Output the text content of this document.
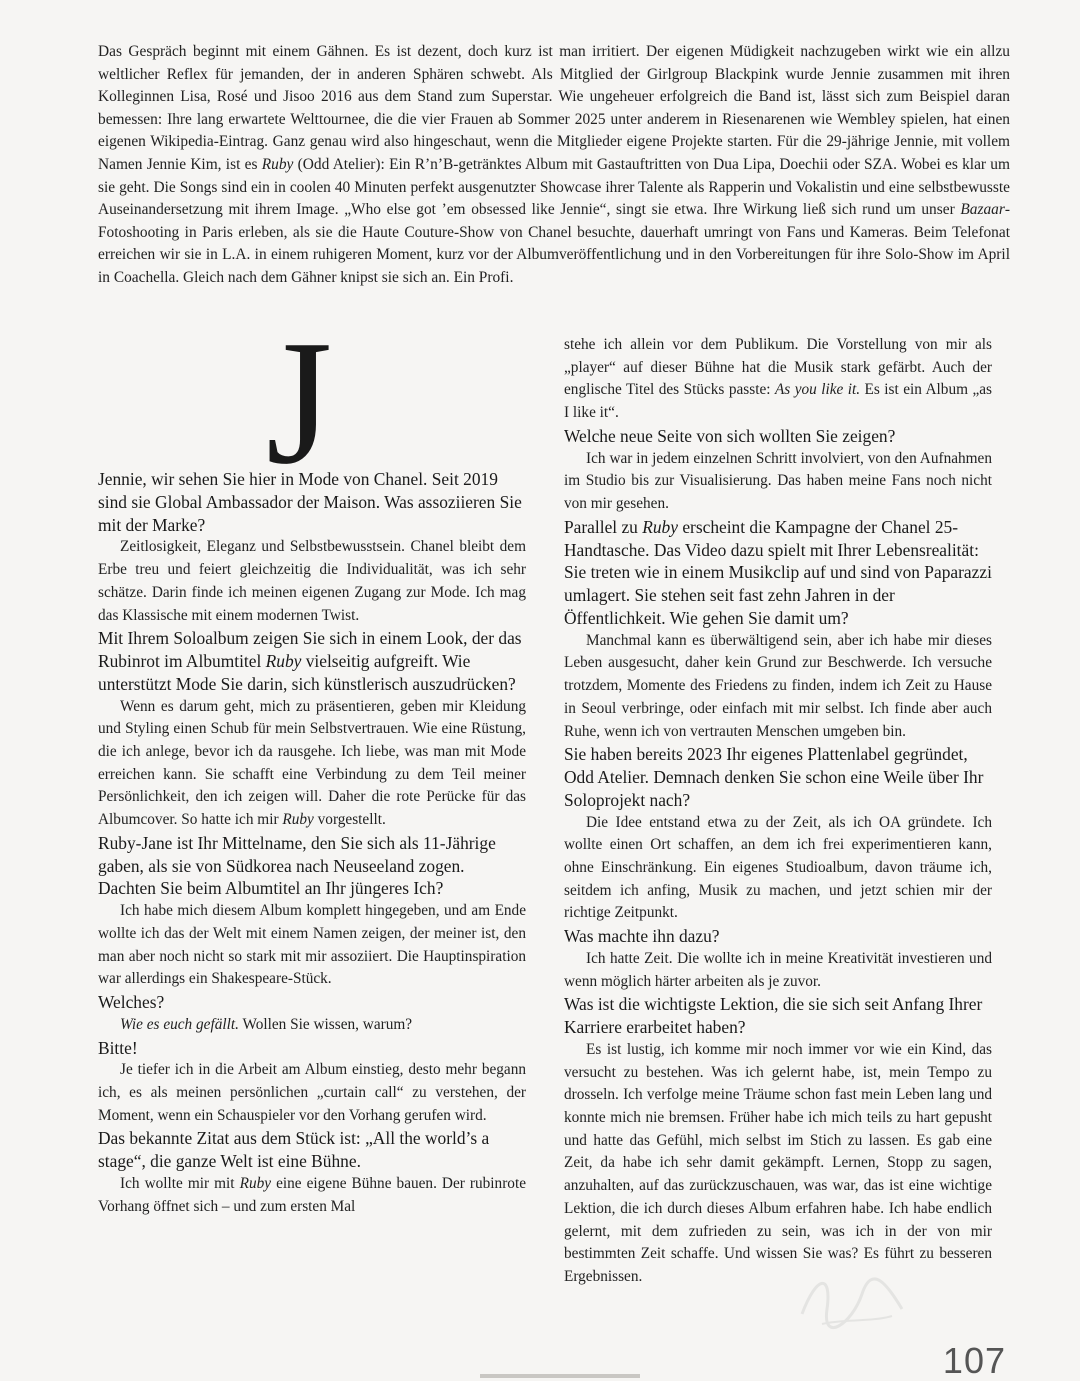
Das Gespräch beginnt mit einem Gähnen. Es ist dezent, doch kurz ist man irritiert. Der eigenen Müdigkeit nachzugeben wirkt wie ein allzu weltlicher Reflex für jemanden, der in anderen Sphären schwebt. Als Mitglied der Girlgroup Blackpink wurde Jennie zusammen mit ihren Kolleginnen Lisa, Rosé und Jisoo 2016 aus dem Stand zum Superstar. Wie ungeheuer erfolgreich die Band ist, lässt sich zum Beispiel daran bemessen: Ihre lang erwartete Welttournee, die die vier Frauen ab Sommer 2025 unter anderem in Riesenarenen wie Wembley spielen, hat einen eigenen Wikipedia-Eintrag. Ganz genau wird also hingeschaut, wenn die Mitglieder eigene Projekte starten. Für die 29-jährige Jennie, mit vollem Namen Jennie Kim, ist es Ruby (Odd Atelier): Ein R’n’B-getränktes Album mit Gastauftritten von Dua Lipa, Doechii oder SZA. Wobei es klar um sie geht. Die Songs sind ein in coolen 40 Minuten perfekt ausgenutzter Showcase ihrer Talente als Rapperin und Vokalistin und eine selbstbewusste Auseinandersetzung mit ihrem Image. „Who else got ’em obsessed like Jennie“, singt sie etwa. Ihre Wirkung ließ sich rund um unser Bazaar-Fotoshooting in Paris erleben, als sie die Haute Couture-Show von Chanel besuchte, dauerhaft umringt von Fans und Kameras. Beim Telefonat erreichen wir sie in L.A. in einem ruhigeren Moment, kurz vor der Albumveröffentlichung und in den Vorbereitungen für ihre Solo-Show im April in Coachella. Gleich nach dem Gähner knipst sie sich an. Ein Profi.

J

Jennie, wir sehen Sie hier in Mode von Chanel. Seit 2019 sind sie Global Ambassador der Maison. Was assoziieren Sie mit der Marke?

Zeitlosigkeit, Eleganz und Selbstbewusstsein. Chanel bleibt dem Erbe treu und feiert gleichzeitig die Individualität, was ich sehr schätze. Darin finde ich meinen eigenen Zugang zur Mode. Ich mag das Klassische mit einem modernen Twist.

Mit Ihrem Soloalbum zeigen Sie sich in einem Look, der das Rubinrot im Albumtitel Ruby vielseitig aufgreift. Wie unterstützt Mode Sie darin, sich künstlerisch auszudrücken?

Wenn es darum geht, mich zu präsentieren, geben mir Kleidung und Styling einen Schub für mein Selbstvertrauen. Wie eine Rüstung, die ich anlege, bevor ich da rausgehe. Ich liebe, was man mit Mode erreichen kann. Sie schafft eine Verbindung zu dem Teil meiner Persönlichkeit, den ich zeigen will. Daher die rote Perücke für das Albumcover. So hatte ich mir Ruby vorgestellt.

Ruby-Jane ist Ihr Mittelname, den Sie sich als 11-Jährige gaben, als sie von Südkorea nach Neuseeland zogen. Dachten Sie beim Albumtitel an Ihr jüngeres Ich?

Ich habe mich diesem Album komplett hingegeben, und am Ende wollte ich das der Welt mit einem Namen zeigen, der meiner ist, den man aber noch nicht so stark mit mir assoziiert. Die Hauptinspiration war allerdings ein Shakespeare-Stück.

Welches?

Wie es euch gefällt. Wollen Sie wissen, warum?

Bitte!

Je tiefer ich in die Arbeit am Album einstieg, desto mehr begann ich, es als meinen persönlichen „curtain call“ zu verstehen, der Moment, wenn ein Schauspieler vor den Vorhang gerufen wird.

Das bekannte Zitat aus dem Stück ist: „All the world’s a stage“, die ganze Welt ist eine Bühne.

Ich wollte mir mit Ruby eine eigene Bühne bauen. Der rubinrote Vorhang öffnet sich – und zum ersten Mal

stehe ich allein vor dem Publikum. Die Vorstellung von mir als „player“ auf dieser Bühne hat die Musik stark gefärbt. Auch der englische Titel des Stücks passte: As you like it. Es ist ein Album „as I like it“.

Welche neue Seite von sich wollten Sie zeigen?

Ich war in jedem einzelnen Schritt involviert, von den Aufnahmen im Studio bis zur Visualisierung. Das haben meine Fans noch nicht von mir gesehen.

Parallel zu Ruby erscheint die Kampagne der Chanel 25-Handtasche. Das Video dazu spielt mit Ihrer Lebensrealität: Sie treten wie in einem Musikclip auf und sind von Paparazzi umlagert. Sie stehen seit fast zehn Jahren in der Öffentlichkeit. Wie gehen Sie damit um?

Manchmal kann es überwältigend sein, aber ich habe mir dieses Leben ausgesucht, daher kein Grund zur Beschwerde. Ich versuche trotzdem, Momente des Friedens zu finden, indem ich Zeit zu Hause in Seoul verbringe, oder einfach mit mir selbst. Ich finde aber auch Ruhe, wenn ich von vertrauten Menschen umgeben bin.

Sie haben bereits 2023 Ihr eigenes Plattenlabel gegründet, Odd Atelier. Demnach denken Sie schon eine Weile über Ihr Soloprojekt nach?

Die Idee entstand etwa zu der Zeit, als ich OA gründete. Ich wollte einen Ort schaffen, an dem ich frei experimentieren kann, ohne Einschränkung. Ein eigenes Studioalbum, davon träume ich, seitdem ich anfing, Musik zu machen, und jetzt schien mir der richtige Zeitpunkt.

Was machte ihn dazu?

Ich hatte Zeit. Die wollte ich in meine Kreativität investieren und wenn möglich härter arbeiten als je zuvor.

Was ist die wichtigste Lektion, die sie sich seit Anfang Ihrer Karriere erarbeitet haben?

Es ist lustig, ich komme mir noch immer vor wie ein Kind, das versucht zu bestehen. Was ich gelernt habe, ist, mein Tempo zu drosseln. Ich verfolge meine Träume schon fast mein Leben lang und konnte mich nie bremsen. Früher habe ich mich teils zu hart gepusht und hatte das Gefühl, mich selbst im Stich zu lassen. Es gab eine Zeit, da habe ich sehr damit gekämpft. Lernen, Stopp zu sagen, anzuhalten, auf das zurückzuschauen, was war, das ist eine wichtige Lektion, die ich durch dieses Album erfahren habe. Ich habe endlich gelernt, mit dem zufrieden zu sein, was ich in der von mir bestimmten Zeit schaffe. Und wissen Sie was? Es führt zu besseren Ergebnissen.

107
